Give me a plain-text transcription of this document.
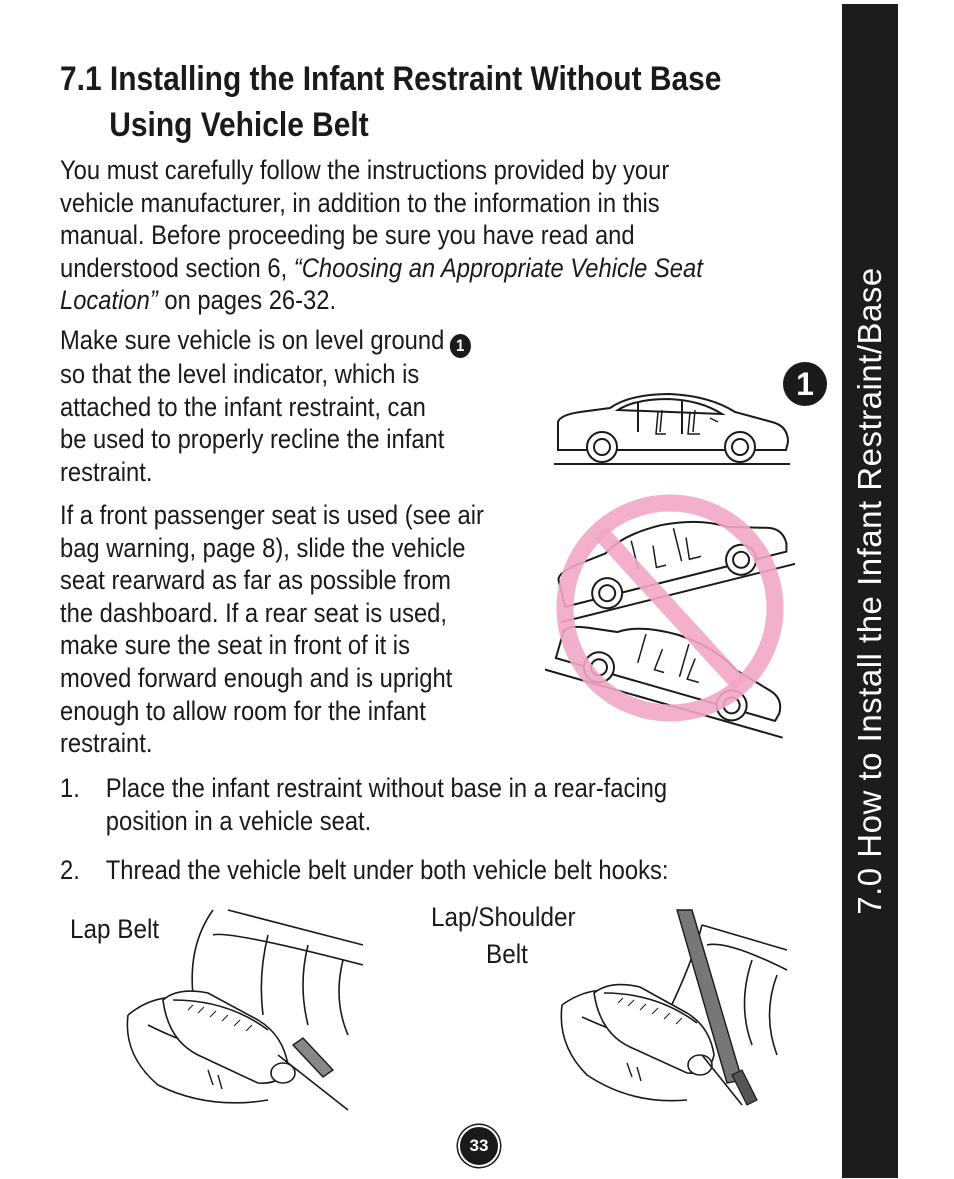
7.0 How to Install the Infant Restraint/Base
7.1 Installing the Infant Restraint Without Base
Using Vehicle Belt

You must carefully follow the instructions provided by your
vehicle manufacturer, in addition to the information in this
manual. Before proceeding be sure you have read and
understood section 6, “Choosing an Appropriate Vehicle Seat
Location” on pages 26-32.

Make sure vehicle is on level ground 1
so that the level indicator, which is
attached to the infant restraint, can
be used to properly recline the infant
restraint.

If a front passenger seat is used (see air
bag warning, page 8), slide the vehicle
seat rearward as far as possible from
the dashboard. If a rear seat is used,
make sure the seat in front of it is
moved forward enough and is upright
enough to allow room for the infant
restraint.

1. Place the infant restraint without base in a rear-facing
position in a vehicle seat.

2. Thread the vehicle belt under both vehicle belt hooks:

1
Lap Belt	Lap/Shoulder
Belt
33
